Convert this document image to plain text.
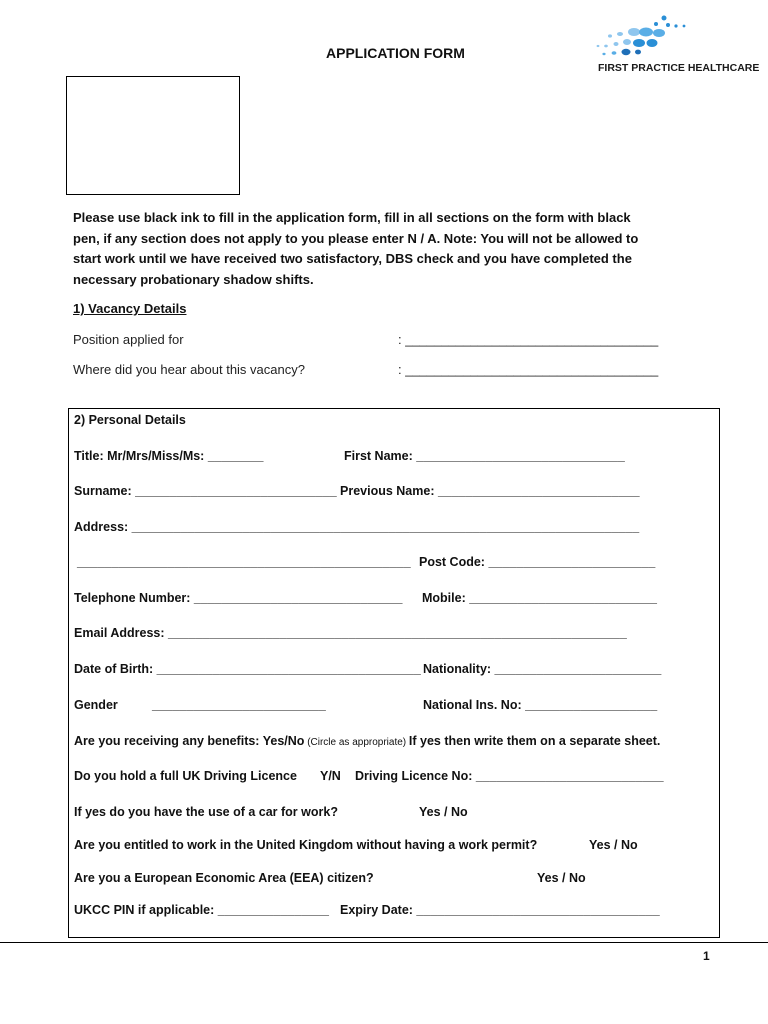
APPLICATION FORM
FIRST PRACTICE HEALTHCARE

Please use black ink to fill in the application form, fill in all sections on the form with black

pen, if any section does not apply to you please enter N / A. Note: You will not be allowed to

start work until we have received two satisfactory, DBS check and you have completed the

necessary probationary shadow shifts.

1) Vacancy Details
Position applied for	: ___________________________________
Where did you hear about this vacancy?	: ___________________________________
2) Personal Details
Title: Mr/Mrs/Miss/Ms: ________	First Name: ______________________________
Surname: _____________________________ Previous Name: _____________________________
Address: _________________________________________________________________________
________________________________________________ Post Code: ________________________
Telephone Number: ______________________________ Mobile: ___________________________
Email Address: __________________________________________________________________
Date of Birth: ______________________________________ Nationality: ________________________
Gender	_________________________	National Ins. No: ___________________
Are you receiving any benefits: Yes/No (Circle as appropriate) If yes then write them on a separate sheet.
Do you hold a full UK Driving Licence Y/N Driving Licence No: ___________________________
If yes do you have the use of a car for work?	Yes / No
Are you entitled to work in the United Kingdom without having a work permit?	Yes / No
Are you a European Economic Area (EEA) citizen?	Yes / No
UKCC PIN if applicable: ________________ Expiry Date: ___________________________________
1
